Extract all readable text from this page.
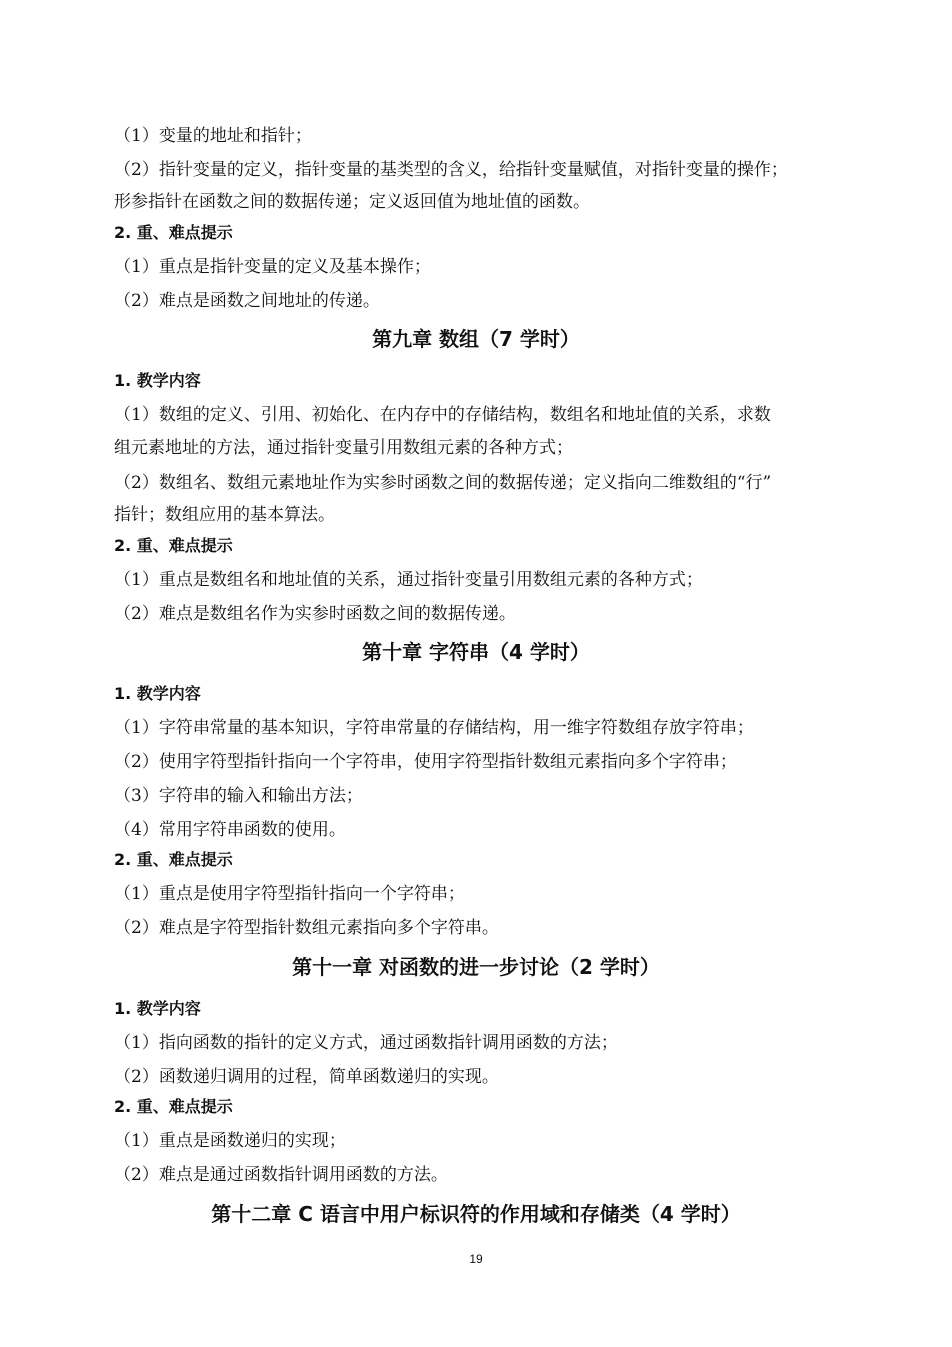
（1）变量的地址和指针；
（2）指针变量的定义，指针变量的基类型的含义，给指针变量赋值，对指针变量的操作；
形参指针在函数之间的数据传递；定义返回值为地址值的函数。
2. 重、难点提示
（1）重点是指针变量的定义及基本操作；
（2）难点是函数之间地址的传递。
第九章 数组（7 学时）
1. 教学内容
（1）数组的定义、引用、初始化、在内存中的存储结构，数组名和地址值的关系，求数
组元素地址的方法，通过指针变量引用数组元素的各种方式；
（2）数组名、数组元素地址作为实参时函数之间的数据传递；定义指向二维数组的“行”
指针；数组应用的基本算法。
2. 重、难点提示
（1）重点是数组名和地址值的关系，通过指针变量引用数组元素的各种方式；
（2）难点是数组名作为实参时函数之间的数据传递。
第十章 字符串（4 学时）
1. 教学内容
（1）字符串常量的基本知识，字符串常量的存储结构，用一维字符数组存放字符串；
（2）使用字符型指针指向一个字符串，使用字符型指针数组元素指向多个字符串；
（3）字符串的输入和输出方法；
（4）常用字符串函数的使用。
2. 重、难点提示
（1）重点是使用字符型指针指向一个字符串；
（2）难点是字符型指针数组元素指向多个字符串。
第十一章 对函数的进一步讨论（2 学时）
1. 教学内容
（1）指向函数的指针的定义方式，通过函数指针调用函数的方法；
（2）函数递归调用的过程，简单函数递归的实现。
2. 重、难点提示
（1）重点是函数递归的实现；
（2）难点是通过函数指针调用函数的方法。
第十二章 C 语言中用户标识符的作用域和存储类（4 学时）
19
